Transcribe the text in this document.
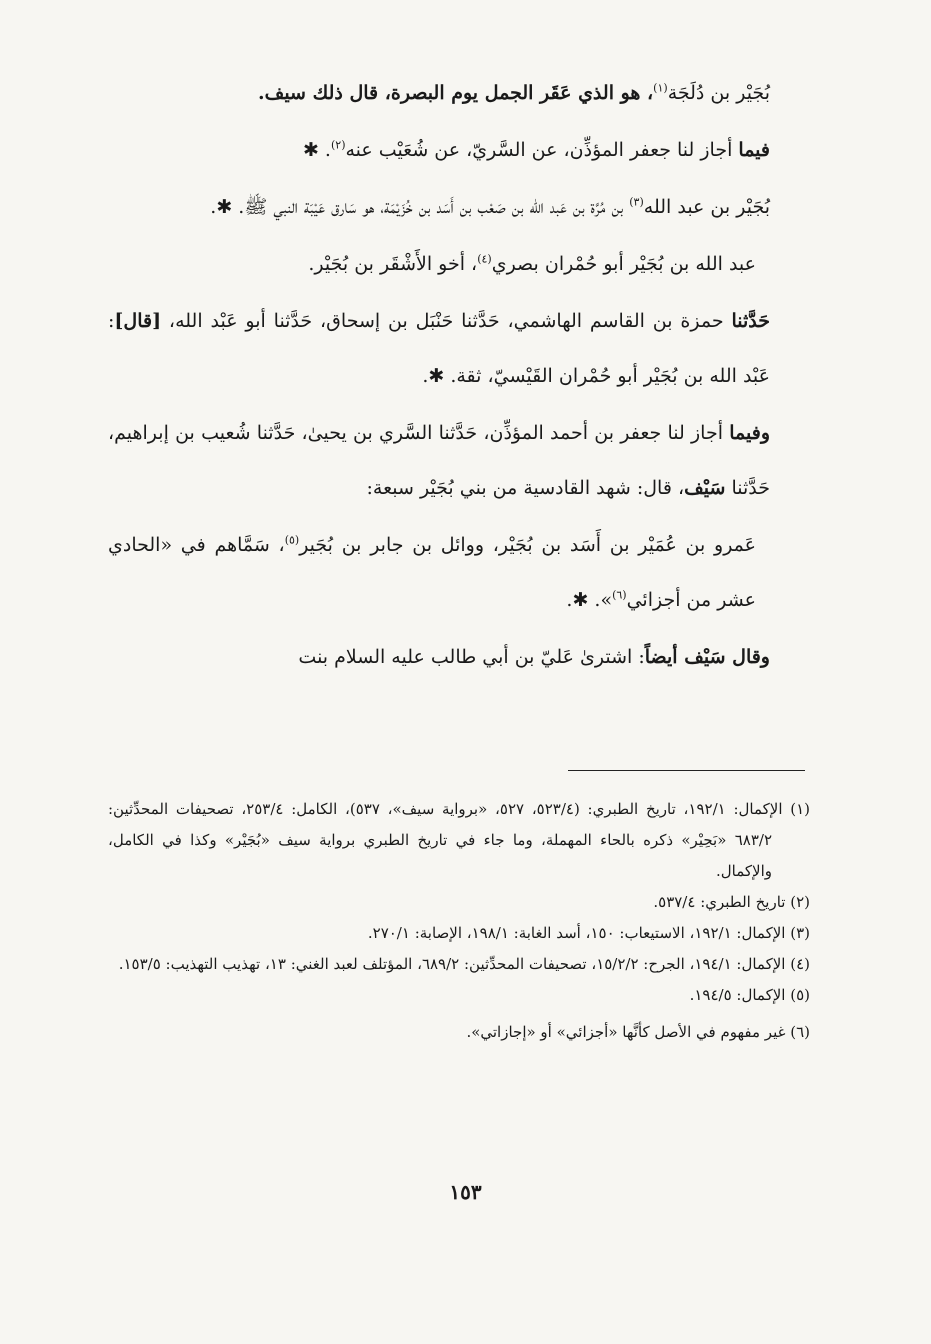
بُجَيْر بن دُلَجَة$^{(١)}$، هو الذي عَقَر الجمل يوم البصرة، قال ذلك سيف.

فيما أجاز لنا جعفر المؤذِّن، عن السَّريّ، عن شُعَيْب عنه$^{(٢)}$. ✱

بُجَيْر بن عبد الله$^{(٣)}$ بن مُرَّة بن عَبد الله بن صَعْب بن أَسَد بن خُزَيْمَة، هو سَارق عَيْبَة النبي ﷺ. ✱.

عبد الله بن بُجَيْر أبو حُمْران بصري$^{(٤)}$، أخو الأَشْقَر بن بُجَيْر.

حَدَّثنا حمزة بن القاسم الهاشمي، حَدَّثنا حَنْبَل بن إسحاق، حَدَّثنا أبو عَبْد الله، [قال]: عَبْد الله بن بُجَيْر أبو حُمْران القَيْسيّ، ثقة. ✱.

وفيما أجاز لنا جعفر بن أحمد المؤذِّن، حَدَّثنا السَّري بن يحيىٰ، حَدَّثنا شُعيب بن إبراهيم، حَدَّثنا سَيْف، قال: شهد القادسية من بني بُجَيْر سبعة:

عَمرو بن عُمَيْر بن أَسَد بن بُجَيْر، ووائل بن جابر بن بُجَير$^{(٥)}$، سَمَّاهم في «الحادي عشر من أجزائي$^{(٦)}$». ✱.

وقال سَيْف أيضاً: اشترىٰ عَليّ بن أبي طالب عليه السلام بنت

(١) الإكمال: ١٩٢/١، تاريخ الطبري: (٥٢٣/٤، ٥٢٧، «برواية سيف»، ٥٣٧)، الكامل: ٢٥٣/٤، تصحيفات المحدِّثين: ٦٨٣/٢ «بَحِيْر» ذكره بالحاء المهملة، وما جاء في تاريخ الطبري برواية سيف «بُجَيْر» وكذا في الكامل، والإكمال.

(٢) تاريخ الطبري: ٥٣٧/٤.

(٣) الإكمال: ١٩٢/١، الاستيعاب: ١٥٠، أسد الغابة: ١٩٨/١، الإصابة: ٢٧٠/١.

(٤) الإكمال: ١٩٤/١، الجرح: ١٥/٢/٢، تصحيفات المحدِّثين: ٦٨٩/٢، المؤتلف لعبد الغني: ١٣، تهذيب التهذيب: ١٥٣/٥.

(٥) الإكمال: ١٩٤/٥.

(٦) غير مفهوم في الأصل كأنَّها «أجزائي» أو «إجازاتي».

١٥٣
